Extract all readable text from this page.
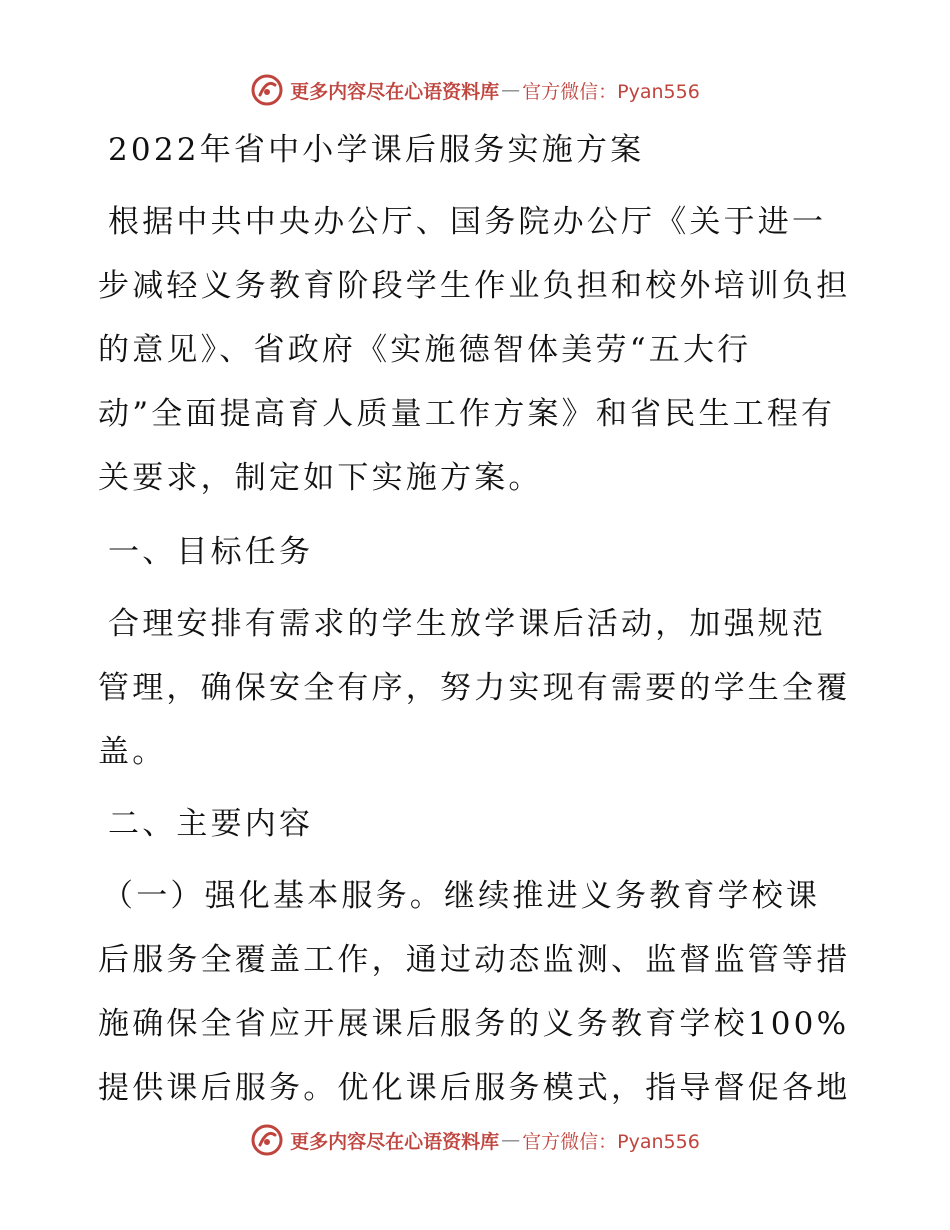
更多内容尽在心语资料库 — 官方微信：Pyan556
2022年省中小学课后服务实施方案
根据中共中央办公厅、国务院办公厅《关于进一
步减轻义务教育阶段学生作业负担和校外培训负担
的意见》、省政府《实施德智体美劳“五大行
动”全面提高育人质量工作方案》和省民生工程有
关要求，制定如下实施方案。
一、目标任务
合理安排有需求的学生放学课后活动，加强规范
管理，确保安全有序，努力实现有需要的学生全覆
盖。
二、主要内容
（一）强化基本服务。继续推进义务教育学校课
后服务全覆盖工作，通过动态监测、监督监管等措
施确保全省应开展课后服务的义务教育学校100%
提供课后服务。优化课后服务模式，指导督促各地
更多内容尽在心语资料库 — 官方微信：Pyan556
